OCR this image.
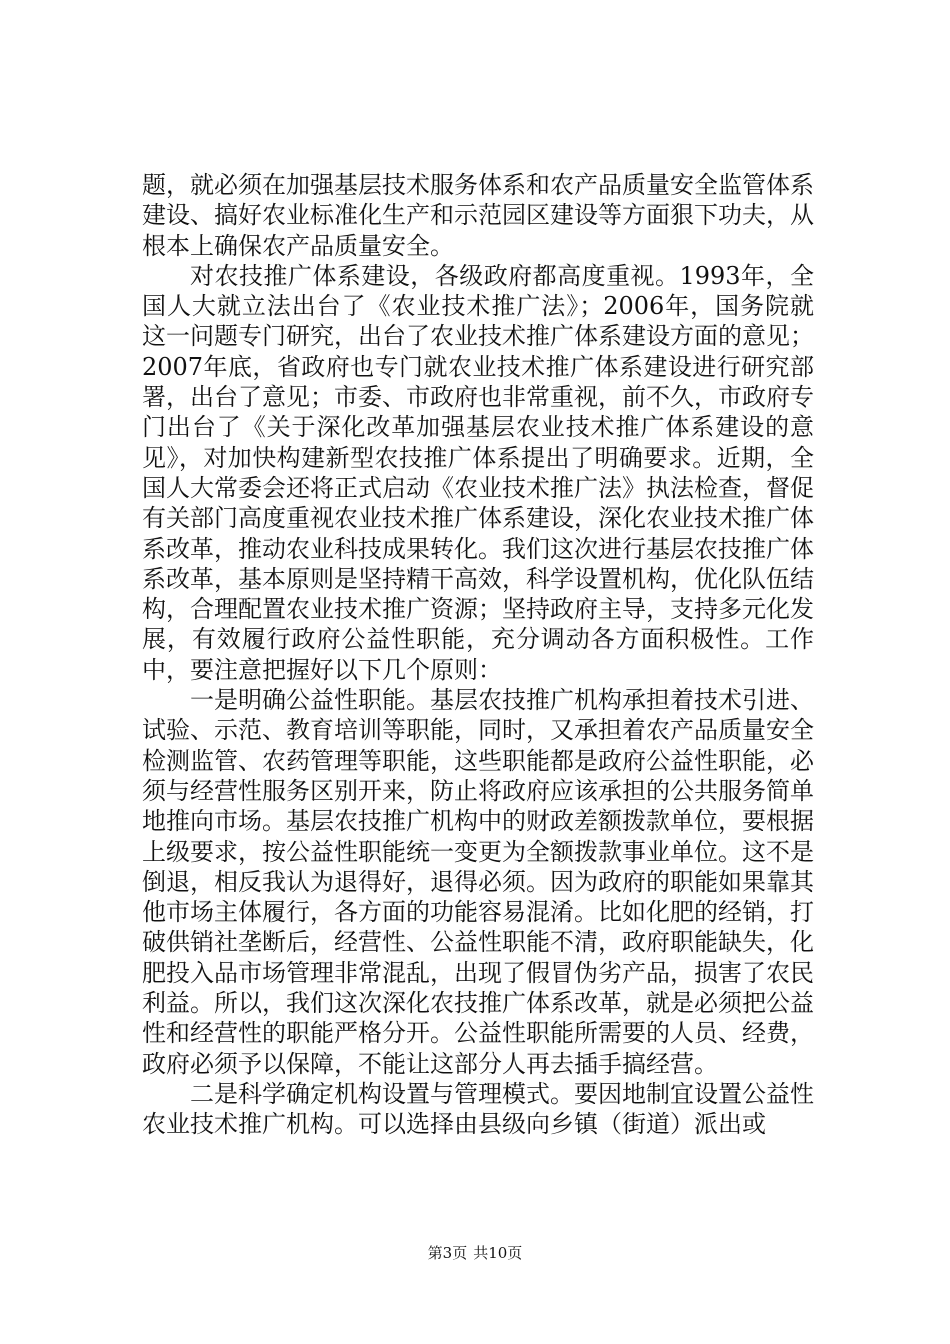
题，就必须在加强基层技术服务体系和农产品质量安全监管体系建设、搞好农业标准化生产和示范园区建设等方面狠下功夫，从根本上确保农产品质量安全。

对农技推广体系建设，各级政府都高度重视。1993年，全国人大就立法出台了《农业技术推广法》；2006年，国务院就这一问题专门研究，出台了农业技术推广体系建设方面的意见；2007年底，省政府也专门就农业技术推广体系建设进行研究部署，出台了意见；市委、市政府也非常重视，前不久，市政府专门出台了《关于深化改革加强基层农业技术推广体系建设的意见》，对加快构建新型农技推广体系提出了明确要求。近期，全国人大常委会还将正式启动《农业技术推广法》执法检查，督促有关部门高度重视农业技术推广体系建设，深化农业技术推广体系改革，推动农业科技成果转化。我们这次进行基层农技推广体系改革，基本原则是坚持精干高效，科学设置机构，优化队伍结构，合理配置农业技术推广资源；坚持政府主导，支持多元化发展，有效履行政府公益性职能，充分调动各方面积极性。工作中，要注意把握好以下几个原则：

一是明确公益性职能。基层农技推广机构承担着技术引进、试验、示范、教育培训等职能，同时，又承担着农产品质量安全检测监管、农药管理等职能，这些职能都是政府公益性职能，必须与经营性服务区别开来，防止将政府应该承担的公共服务简单地推向市场。基层农技推广机构中的财政差额拨款单位，要根据上级要求，按公益性职能统一变更为全额拨款事业单位。这不是倒退，相反我认为退得好，退得必须。因为政府的职能如果靠其他市场主体履行，各方面的功能容易混淆。比如化肥的经销，打破供销社垄断后，经营性、公益性职能不清，政府职能缺失，化肥投入品市场管理非常混乱，出现了假冒伪劣产品，损害了农民利益。所以，我们这次深化农技推广体系改革，就是必须把公益性和经营性的职能严格分开。公益性职能所需要的人员、经费，政府必须予以保障，不能让这部分人再去插手搞经营。

二是科学确定机构设置与管理模式。要因地制宜设置公益性农业技术推广机构。可以选择由县级向乡镇（街道）派出或

第3页 共10页
